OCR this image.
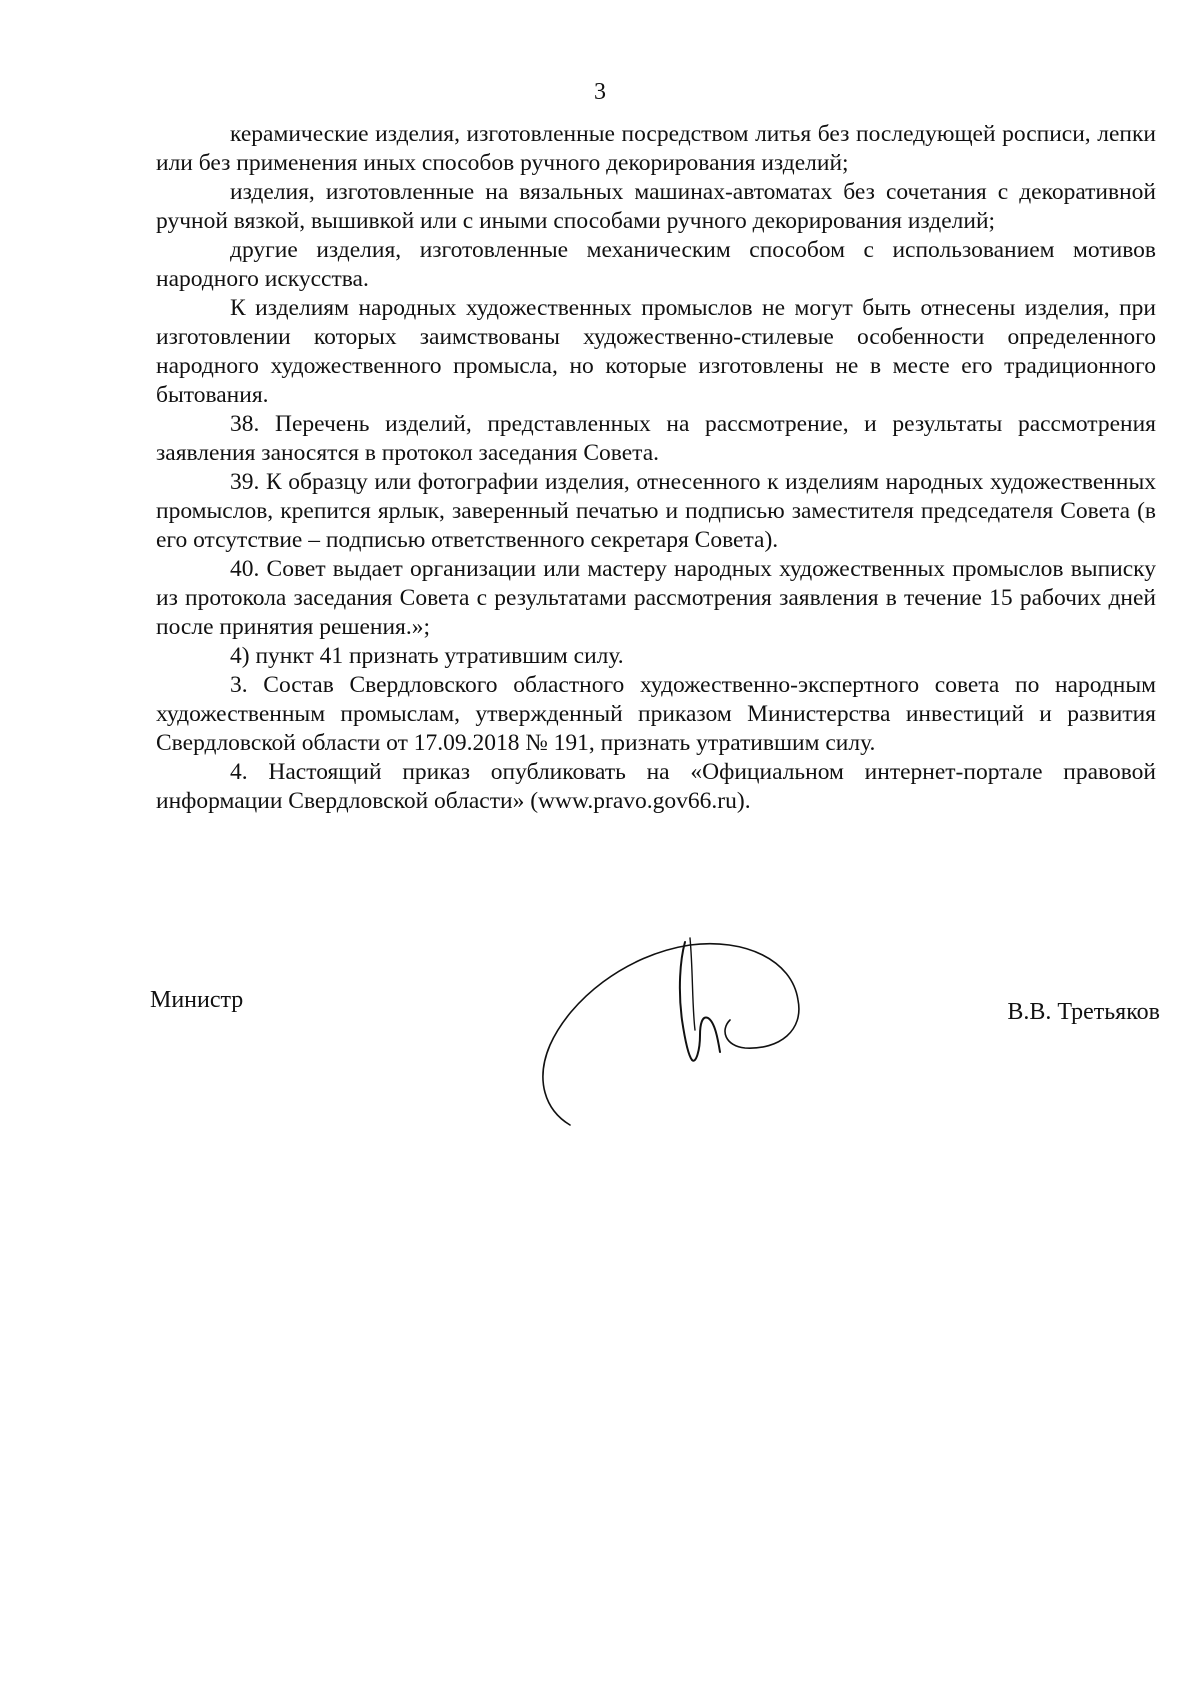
3

керамические изделия, изготовленные посредством литья без последующей росписи, лепки или без применения иных способов ручного декорирования изделий;

изделия, изготовленные на вязальных машинах-автоматах без сочетания с декоративной ручной вязкой, вышивкой или с иными способами ручного декорирования изделий;

другие изделия, изготовленные механическим способом с использованием мотивов народного искусства.

К изделиям народных художественных промыслов не могут быть отнесены изделия, при изготовлении которых заимствованы художественно-стилевые особенности определенного народного художественного промысла, но которые изготовлены не в месте его традиционного бытования.

38. Перечень изделий, представленных на рассмотрение, и результаты рассмотрения заявления заносятся в протокол заседания Совета.

39. К образцу или фотографии изделия, отнесенного к изделиям народных художественных промыслов, крепится ярлык, заверенный печатью и подписью заместителя председателя Совета (в его отсутствие – подписью ответственного секретаря Совета).

40. Совет выдает организации или мастеру народных художественных промыслов выписку из протокола заседания Совета с результатами рассмотрения заявления в течение 15 рабочих дней после принятия решения.»;

4) пункт 41 признать утратившим силу.

3. Состав Свердловского областного художественно-экспертного совета по народным художественным промыслам, утвержденный приказом Министерства инвестиций и развития Свердловской области от 17.09.2018 № 191, признать утратившим силу.

4. Настоящий приказ опубликовать на «Официальном интернет-портале правовой информации Свердловской области» (www.pravo.gov66.ru).

Министр	В.В. Третьяков
